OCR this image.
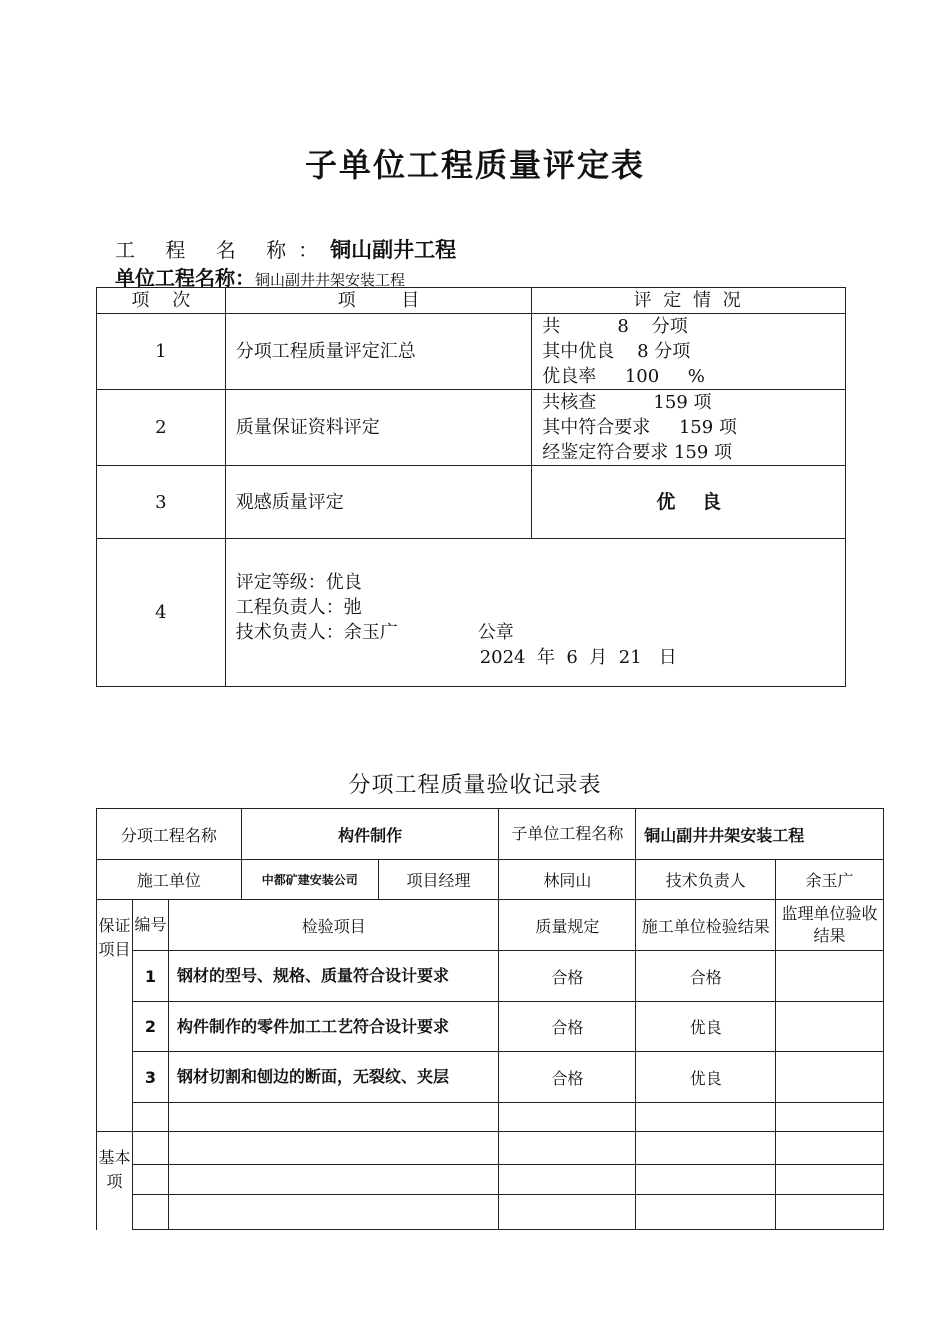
子单位工程质量评定表
工 程 名 称：铜山副井工程
单位工程名称：铜山副井井架安装工程
项    次	项        目	评 定 情 况
1	分项工程质量评定汇总	共          8    分项
其中优良    8 分项
优良率     100     %

2	质量保证资料评定	共核查          159 项
其中符合要求     159 项
经鉴定符合要求 159 项

3	观感质量评定	优    良
4	评定等级：优良
工程负责人：弛
技术负责人：余玉广              公章
2024  年  6  月  21   日	
分项工程质量验收记录表
分项工程名称			构件制作		子单位工程名称	铜山副井井架安装工程	
施工单位			中都矿建安装公司	项目经理	林同山	技术负责人	余玉广
保证项目	编号	检验项目			质量规定	施工单位检验结果	监理单位验收结果
	1	钢材的型号、规格、质量符合设计要求			合格	合格	
	2	构件制作的零件加工工艺符合设计要求			合格	优良	
	3	钢材切割和刨边的断面，无裂纹、夹层			合格	优良	

基本项							
